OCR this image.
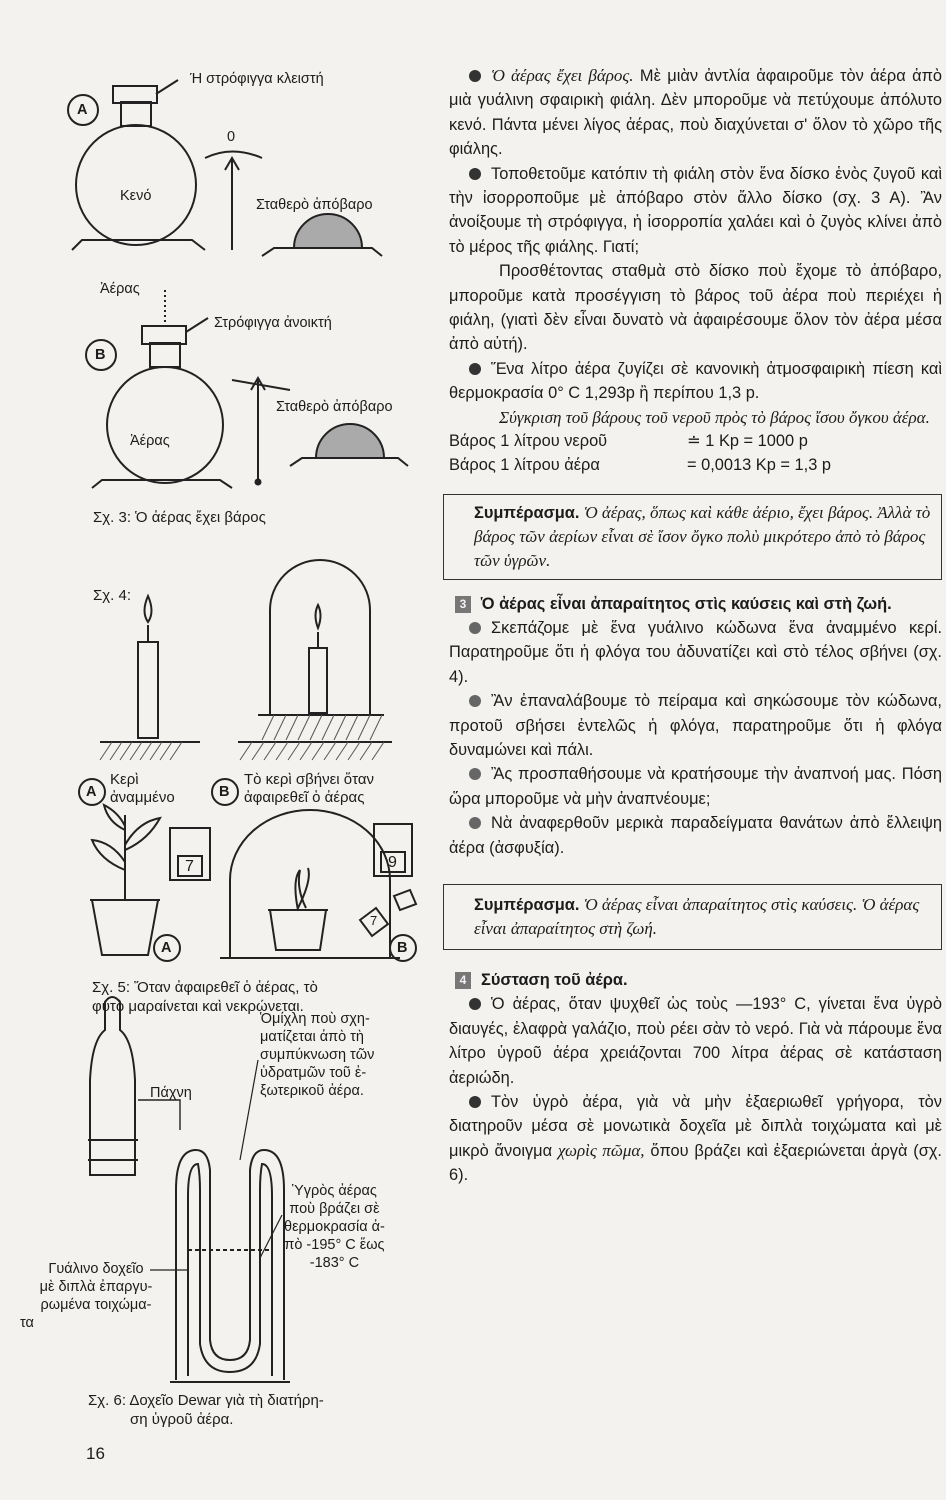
A
B
Ή στρόφιγγα κλειστή
Κενό
0
Σταθερὸ ἀπόβαρο
Ἀέρας
Στρόφιγγα ἀνοικτή
Σταθερὸ ἀπόβαρο
Ἀέρας
Σχ. 3: Ὁ ἀέρας ἔχει βάρος
Σχ. 4:
A
Κερὶ
ἀναμμένο	B
Τὸ κερὶ σβήνει ὅταν
ἀφαιρεθεῖ ὁ ἀέρας
7	9
7
A	B
Σχ. 5: Ὅταν ἀφαιρεθεῖ ὁ ἀέρας, τὸ
φυτὸ μαραίνεται καὶ νεκρώνεται.
Ὁμίχλη ποὺ σχη-
ματίζεται ἀπὸ τὴ
συμπύκνωση τῶν
ὑδρατμῶν τοῦ ἐ-
ξωτερικοῦ ἀέρα.
Πάχνη
Ὑγρὸς ἀέρας
ποὺ βράζει σὲ
θερμοκρασία ἀ-
πὸ -195° C ἕως
-183° C
Γυάλινο δοχεῖο
μὲ διπλὰ ἐπαργυ-
ρωμένα τοιχώμα-
τα
Σχ. 6: Δοχεῖο Dewar γιὰ τὴ διατήρη-
ση ὑγροῦ ἀέρα.
16

Ὁ ἀέρας ἔχει βάρος. Μὲ μιὰν ἀντλία ἀφαιροῦμε τὸν ἀέρα ἀπὸ μιὰ γυάλινη σφαιρικὴ φιάλη. Δὲν μποροῦμε νὰ πετύχουμε ἀπόλυτο κενό. Πάντα μένει λίγος ἀέρας, ποὺ διαχύνεται σ' ὅλον τὸ χῶρο τῆς φιάλης.

Τοποθετοῦμε κατόπιν τὴ φιάλη στὸν ἕνα δίσκο ἑνὸς ζυγοῦ καὶ τὴν ἰσορροποῦμε μὲ ἀπόβαρο στὸν ἄλλο δίσκο (σχ. 3 Α). Ἂν ἀνοίξουμε τὴ στρόφιγγα, ἡ ἰσορροπία χαλάει καὶ ὁ ζυγὸς κλίνει ἀπὸ τὸ μέρος τῆς φιάλης. Γιατί;

Προσθέτοντας σταθμὰ στὸ δίσκο ποὺ ἔχομε τὸ ἀπόβαρο, μποροῦμε κατὰ προσέγγιση τὸ βάρος τοῦ ἀέρα ποὺ περιέχει ἡ φιάλη, (γιατὶ δὲν εἶναι δυνατὸ νὰ ἀφαιρέσουμε ὅλον τὸν ἀέρα μέσα ἀπὸ αὐτή).

Ἕνα λίτρο ἀέρα ζυγίζει σὲ κανονικὴ ἀτμοσφαιρικὴ πίεση καὶ θερμοκρασία 0° C 1,293p ἢ περίπου 1,3 p.

Σύγκριση τοῦ βάρους τοῦ νεροῦ πρὸς τὸ βάρος ἴσου ὄγκου ἀέρα.

Βάρος 1 λίτρου νεροῦ	≐ 1 Kp = 1000 p
Βάρος 1 λίτρου ἀέρα	= 0,0013 Kp = 1,3 p
Συμπέρασμα. Ὁ ἀέρας, ὅπως καὶ κάθε ἀέριο, ἔχει βάρος. Ἀλλὰ τὸ βάρος τῶν ἀερίων εἶναι σὲ ἴσον ὄγκο πολὺ μικρότερο ἀπὸ τὸ βάρος τῶν ὑγρῶν.

3 Ὁ ἀέρας εἶναι ἀπαραίτητος στὶς καύσεις καὶ στὴ ζωή.

Σκεπάζομε μὲ ἕνα γυάλινο κώδωνα ἕνα ἀναμμένο κερί. Παρατηροῦμε ὅτι ἡ φλόγα του ἀδυνατίζει καὶ στὸ τέλος σβήνει (σχ. 4).

Ἂν ἐπαναλάβουμε τὸ πείραμα καὶ σηκώσουμε τὸν κώδωνα, προτοῦ σβήσει ἐντελῶς ἡ φλόγα, παρατηροῦμε ὅτι ἡ φλόγα δυναμώνει καὶ πάλι.

Ἂς προσπαθήσουμε νὰ κρατήσουμε τὴν ἀναπνοή μας. Πόση ὥρα μποροῦμε νὰ μὴν ἀναπνέουμε;

Νὰ ἀναφερθοῦν μερικὰ παραδείγματα θανάτων ἀπὸ ἔλλειψη ἀέρα (ἀσφυξία).

Συμπέρασμα. Ὁ ἀέρας εἶναι ἀπαραίτητος στὶς καύσεις. Ὁ ἀέρας εἶναι ἀπαραίτητος στὴ ζωή.

4 Σύσταση τοῦ ἀέρα.

Ὁ ἀέρας, ὅταν ψυχθεῖ ὡς τοὺς —193° C, γίνεται ἕνα ὑγρὸ διαυγές, ἐλαφρὰ γαλάζιο, ποὺ ρέει σὰν τὸ νερό. Γιὰ νὰ πάρουμε ἕνα λίτρο ὑγροῦ ἀέρα χρειάζονται 700 λίτρα ἀέρας σὲ κατάσταση ἀεριώδη.

Τὸν ὑγρὸ ἀέρα, γιὰ νὰ μὴν ἐξαεριωθεῖ γρήγορα, τὸν διατηροῦν μέσα σὲ μονωτικὰ δοχεῖα μὲ διπλὰ τοιχώματα καὶ μὲ μικρὸ ἄνοιγμα χωρὶς πῶμα, ὅπου βράζει καὶ ἐξαεριώνεται ἀργὰ (σχ. 6).
